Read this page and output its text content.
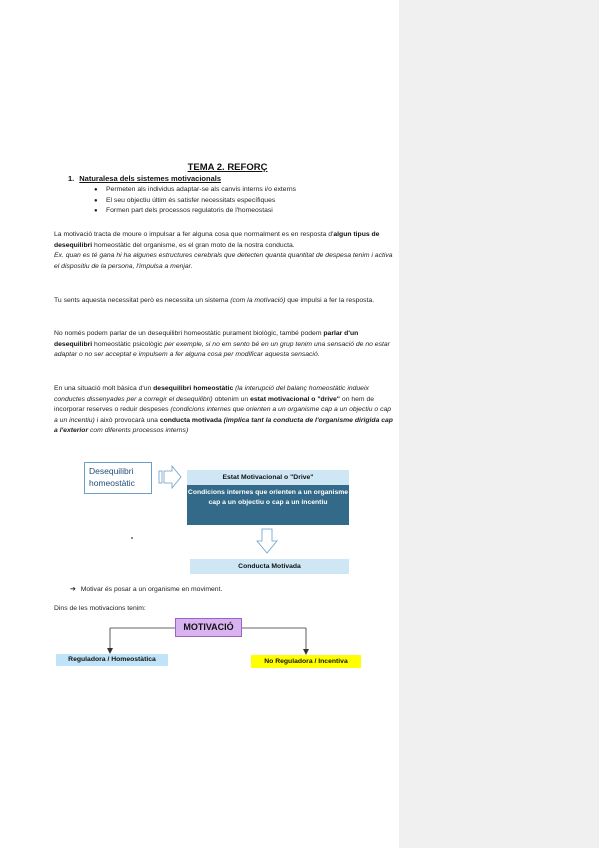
TEMA 2. REFORÇ
1. Naturalesa dels sistemes motivacionals
● Permeten als individus adaptar-se als canvis interns i/o externs
● El seu objectiu últim és satisfer necessitats específiques
● Formen part dels processos regulatoris de l'homeostasi
La motivació tracta de moure o impulsar a fer alguna cosa que normalment es en resposta d'algun tipus de desequilibri homeostàtic del organisme, es el gran moto de la nostra conducta.
Ex. quan es té gana hi ha algunes estructures cerebrals que detecten quanta quantitat de despesa tenim i activa el dispositiu de la persona, l'impulsa a menjar.
Tu sents aquesta necessitat però es necessita un sistema (com la motivació) que impulsi a fer la resposta.
No només podem parlar de un desequilibri homeostàtic purament biològic, també podem parlar d'un desequilibri homeostàtic psicològic per exemple, si no em sento bé en un grup tenim una sensació de no estar adaptar o no ser acceptat e impulsem a fer alguna cosa per modificar aquesta sensació.
En una situació molt bàsica d'un desequilibri homeostàtic (la interupció del balanç homeostàtic indueix conductes dissenyades per a corregir el desequilibri) obtenim un estat motivacional o "drive" on hem de incorporar reserves o reduir despeses (condicions internes que orienten a un organisme cap a un objectiu o cap a un incentiu) i això provocarà una conducta motivada (implica tant la conducta de l'organisme dirigida cap a l'exterior com diferents processos interns)
Desequilibri homeostàtic
Estat Motivacional o "Drive"
Condicions internes que orienten a un organisme cap a un objectiu o cap a un incentiu
Conducta Motivada
➔ Motivar és posar a un organisme en moviment.
Dins de les motivacions tenim:
MOTIVACIÓ
Reguladora / Homeostàtica	No Reguladora / Incentiva
